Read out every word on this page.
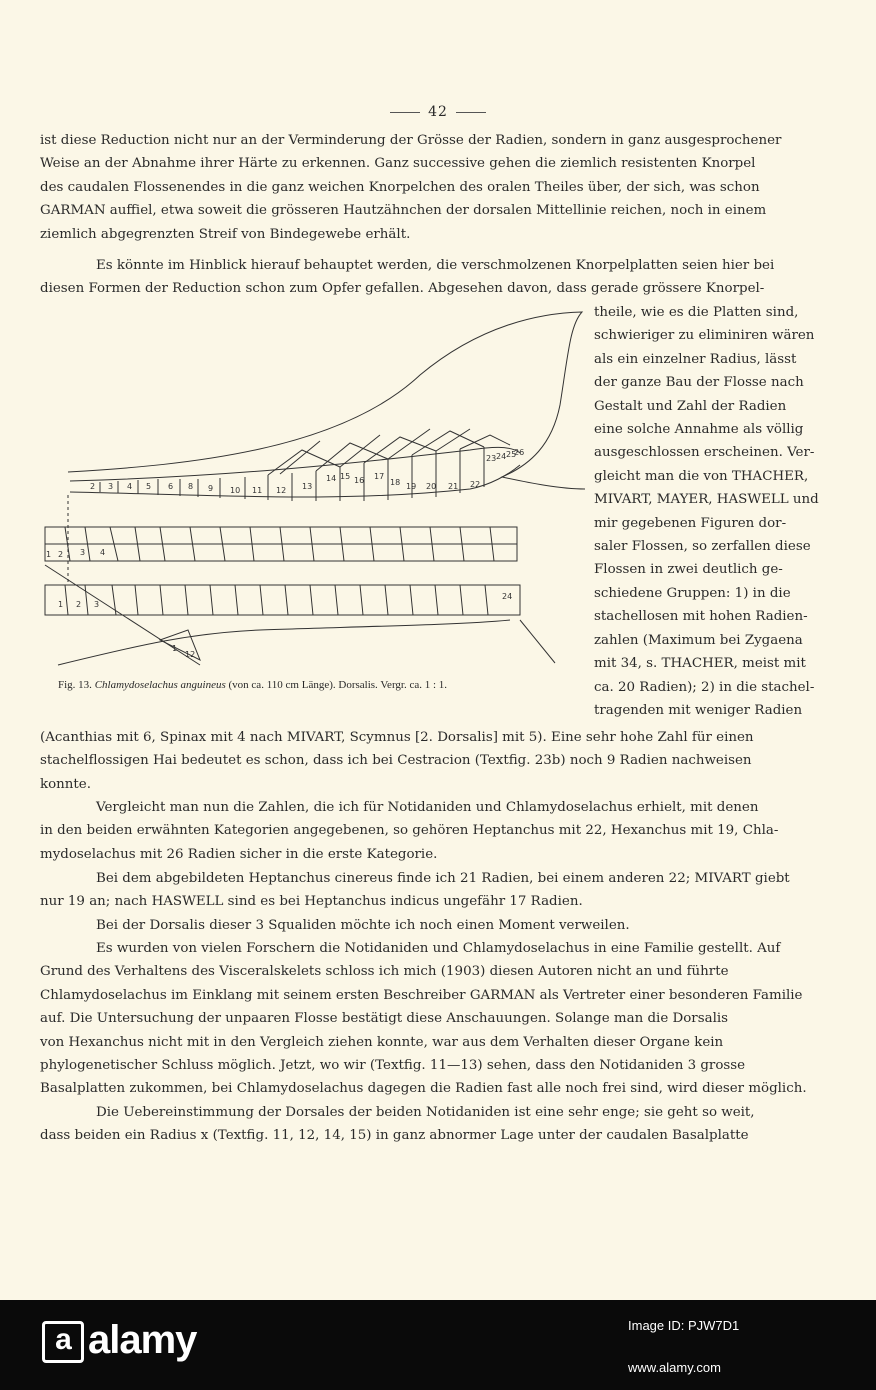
42
ist diese Reduction nicht nur an der Verminderung der Grösse der Radien, sondern in ganz ausgesprochener
Weise an der Abnahme ihrer Härte zu erkennen. Ganz successive gehen die ziemlich resistenten Knorpel
des caudalen Flossenendes in die ganz weichen Knorpelchen des oralen Theiles über, der sich, was schon
GARMAN auffiel, etwa soweit die grösseren Hautzähnchen der dorsalen Mittellinie reichen, noch in einem
ziemlich abgegrenzten Streif von Bindegewebe erhält.
Es könnte im Hinblick hierauf behauptet werden, die verschmolzenen Knorpelplatten seien hier bei
diesen Formen der Reduction schon zum Opfer gefallen. Abgesehen davon, dass gerade grössere Knorpel-
theile, wie es die Platten sind,
schwieriger zu eliminiren wären
als ein einzelner Radius, lässt
der ganze Bau der Flosse nach
Gestalt und Zahl der Radien
eine solche Annahme als völlig
ausgeschlossen erscheinen. Ver-
gleicht man die von THACHER,
MIVART, MAYER, HASWELL und
mir gegebenen Figuren dor-
saler Flossen, so zerfallen diese
Flossen in zwei deutlich ge-
schiedene Gruppen: 1) in die
stachellosen mit hohen Radien-
zahlen (Maximum bei Zygaena
mit 34, s. THACHER, meist mit
ca. 20 Radien); 2) in die stachel-
tragenden mit weniger Radien
2 3 4 5 6 8 9 10 11 12 13
14 15 16 17
18 19 20 21 22
23 24 25
26
1 2 3 4
1 2 3
24
1
12
Fig. 13. Chlamydoselachus anguineus (von ca. 110 cm Länge). Dorsalis. Vergr. ca. 1 : 1.
(Acanthias mit 6, Spinax mit 4 nach MIVART, Scymnus [2. Dorsalis] mit 5). Eine sehr hohe Zahl für einen
stachelflossigen Hai bedeutet es schon, dass ich bei Cestracion (Textfig. 23b) noch 9 Radien nachweisen
konnte.
Vergleicht man nun die Zahlen, die ich für Notidaniden und Chlamydoselachus erhielt, mit denen
in den beiden erwähnten Kategorien angegebenen, so gehören Heptanchus mit 22, Hexanchus mit 19, Chla-
mydoselachus mit 26 Radien sicher in die erste Kategorie.
Bei dem abgebildeten Heptanchus cinereus finde ich 21 Radien, bei einem anderen 22; MIVART giebt
nur 19 an; nach HASWELL sind es bei Heptanchus indicus ungefähr 17 Radien.
Bei der Dorsalis dieser 3 Squaliden möchte ich noch einen Moment verweilen.
Es wurden von vielen Forschern die Notidaniden und Chlamydoselachus in eine Familie gestellt. Auf
Grund des Verhaltens des Visceralskelets schloss ich mich (1903) diesen Autoren nicht an und führte
Chlamydoselachus im Einklang mit seinem ersten Beschreiber GARMAN als Vertreter einer besonderen Familie
auf. Die Untersuchung der unpaaren Flosse bestätigt diese Anschauungen. Solange man die Dorsalis
von Hexanchus nicht mit in den Vergleich ziehen konnte, war aus dem Verhalten dieser Organe kein
phylogenetischer Schluss möglich. Jetzt, wo wir (Textfig. 11—13) sehen, dass den Notidaniden 3 grosse
Basalplatten zukommen, bei Chlamydoselachus dagegen die Radien fast alle noch frei sind, wird dieser möglich.
Die Uebereinstimmung der Dorsales der beiden Notidaniden ist eine sehr enge; sie geht so weit,
dass beiden ein Radius x (Textfig. 11, 12, 14, 15) in ganz abnormer Lage unter der caudalen Basalplatte
a alamy	Image ID: PJW7D1
www.alamy.com
